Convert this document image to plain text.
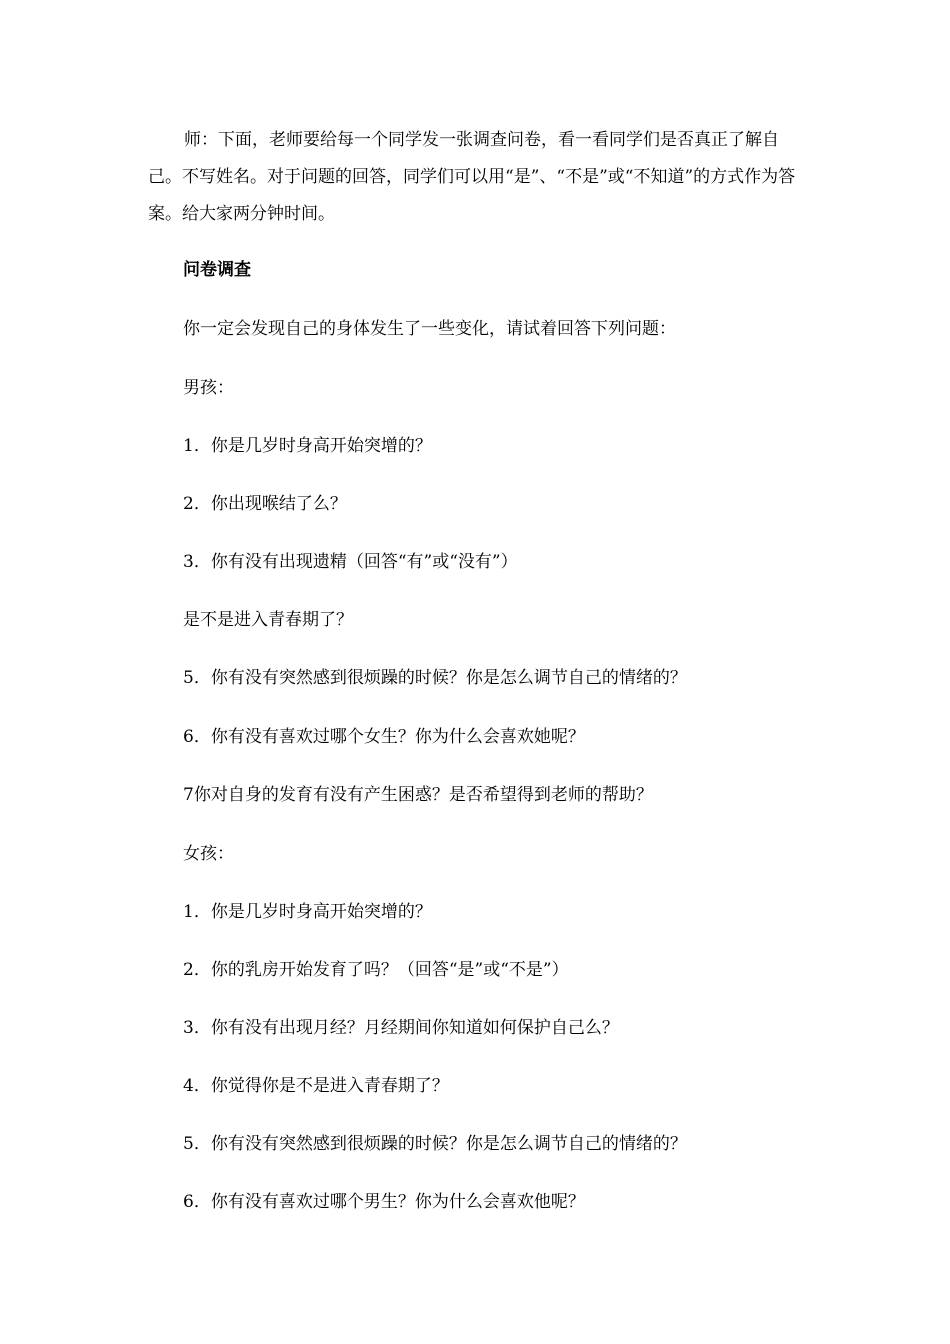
师：下面，老师要给每一个同学发一张调查问卷，看一看同学们是否真正了解自己。不写姓名。对于问题的回答，同学们可以用“是”、“不是”或“不知道”的方式作为答案。给大家两分钟时间。

问卷调查

你一定会发现自己的身体发生了一些变化，请试着回答下列问题：

男孩：

1．你是几岁时身高开始突增的？

2．你出现喉结了么？

3．你有没有出现遗精（回答“有”或“没有”）

是不是进入青春期了？

5．你有没有突然感到很烦躁的时候？你是怎么调节自己的情绪的？

6．你有没有喜欢过哪个女生？你为什么会喜欢她呢？

7你对自身的发育有没有产生困惑？是否希望得到老师的帮助？

女孩：

1．你是几岁时身高开始突增的？

2．你的乳房开始发育了吗？（回答“是”或“不是”）

3．你有没有出现月经？月经期间你知道如何保护自己么？

4．你觉得你是不是进入青春期了？

5．你有没有突然感到很烦躁的时候？你是怎么调节自己的情绪的？

6．你有没有喜欢过哪个男生？你为什么会喜欢他呢？
